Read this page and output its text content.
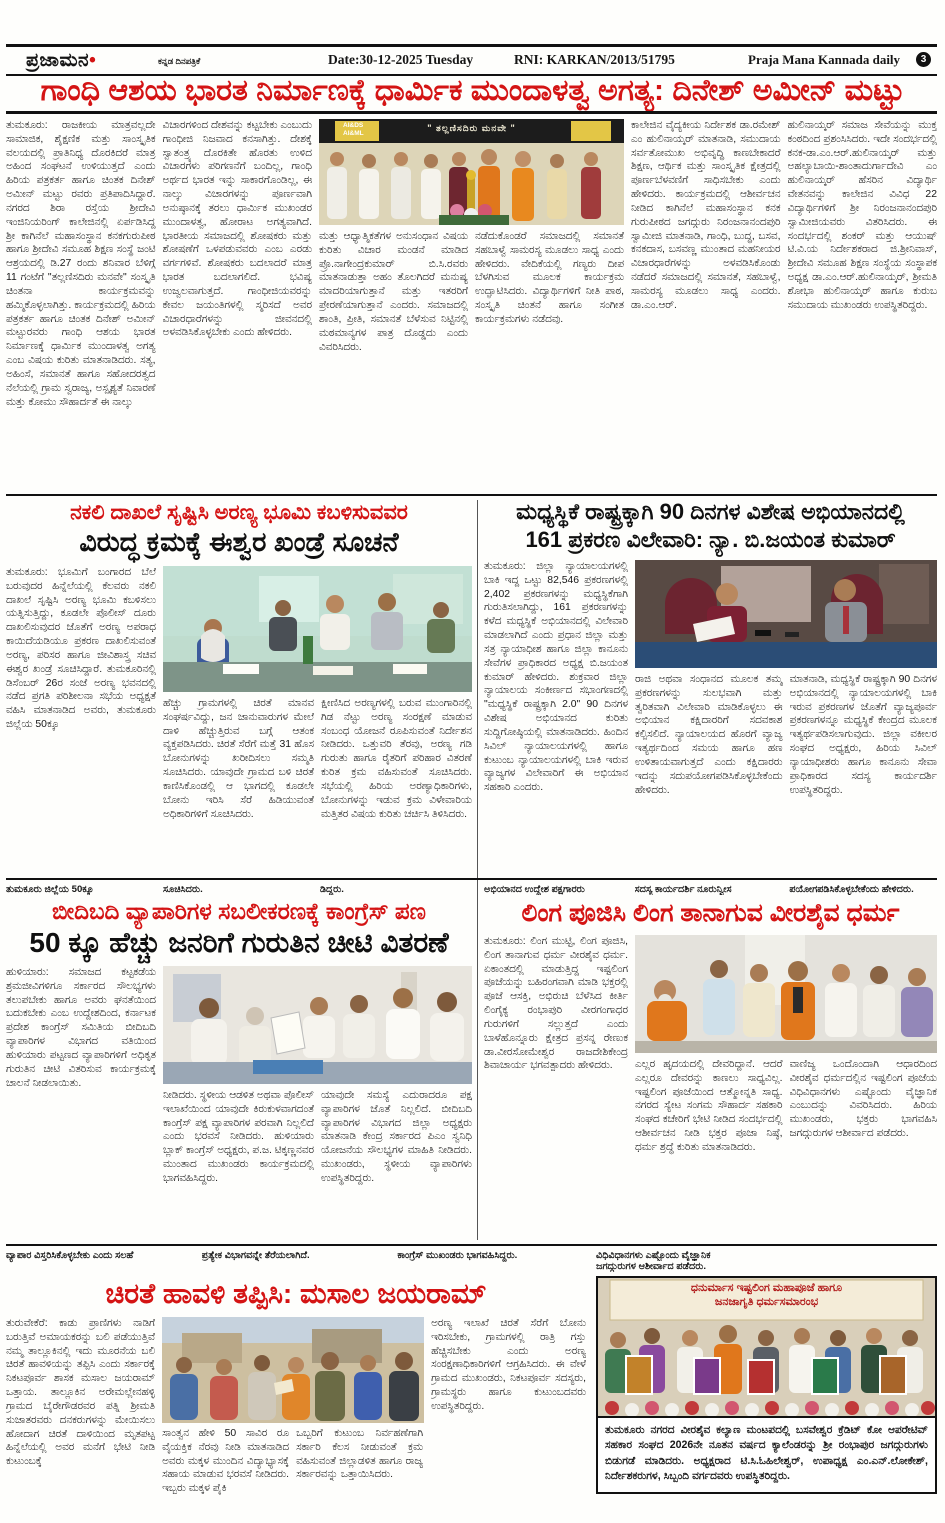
ಪ್ರಜಾಮನ•	ಕನ್ನಡ ದಿನಪತ್ರಿಕೆ	Date:30-12-2025 Tuesday	RNI: KARKAN/2013/51795	Praja Mana Kannada daily	3
ಗಾಂಧಿ ಆಶಯ ಭಾರತ ನಿರ್ಮಾಣಕ್ಕೆ ಧಾರ್ಮಿಕ ಮುಂದಾಳತ್ವ ಅಗತ್ಯ: ದಿನೇಶ್ ಅಮೀನ್ ಮಟ್ಟು
ತುಮಕೂರು: ರಾಜಕೀಯ ಮಾತ್ರವಲ್ಲದೇ ಸಾಮಾಜಿಕ, ಶೈಕ್ಷಣಿಕ ಮತ್ತು ಸಾಂಸ್ಕೃತಿಕ ವಲಯದಲ್ಲಿ ಪ್ರಾತಿನಿಧ್ಯ ದೊರಕಿದರೆ ಮಾತ್ರ ಅಹಿಂದ ಸಂಘಟನೆ ಉಳಿಯುತ್ತದೆ ಎಂದು ಹಿರಿಯ ಪತ್ರಕರ್ತ ಹಾಗೂ ಚಿಂತಕ ದಿನೇಶ್ ಅಮೀನ್ ಮಟ್ಟು ರವರು ಪ್ರತಿಪಾದಿಸಿದ್ದಾರೆ. ನಗರದ ಶಿರಾ ರಸ್ತೆಯ ಶ್ರೀದೇವಿ ಇಂಜಿನಿಯರಿಂಗ್ ಕಾಲೇಜಿನಲ್ಲಿ ಏರ್ಪಡಿಸಿದ್ದ ಶ್ರೀ ಕಾಗಿನೆಲೆ ಮಹಾಸಂಸ್ಥಾನ ಕನಕಗುರುಪೀಠ ಹಾಗೂ ಶ್ರೀದೇವಿ ಸಮೂಹ ಶಿಕ್ಷಣ ಸಂಸ್ಥೆ ಜಂಟಿ ಆಶ್ರಯದಲ್ಲಿ ಡಿ.27 ರಂದು ಶನಿವಾರ ಬೆಳಿಗ್ಗೆ 11 ಗಂಟೆಗೆ "ತಲ್ಲಣಿಸದಿರು ಮನವೇ" ಸಂಸ್ಕೃತಿ ಚಿಂತನಾ ಕಾರ್ಯಕ್ರಮವನ್ನು ಹಮ್ಮಿಕೊಳ್ಳಲಾಗಿತ್ತು. ಕಾರ್ಯಕ್ರಮದಲ್ಲಿ ಹಿರಿಯ ಪತ್ರಕರ್ತ ಹಾಗೂ ಚಿಂತಕ ದಿನೇಶ್ ಅಮೀನ್ ಮಟ್ಟುರವರು ಗಾಂಧಿ ಆಶಯ ಭಾರತ ನಿರ್ಮಾಣಕ್ಕೆ ಧಾರ್ಮಿಕ ಮುಂದಾಳತ್ವ ಅಗತ್ಯ ಎಂಬ ವಿಷಯ ಕುರಿತು ಮಾತನಾಡಿದರು. ಸತ್ಯ, ಅಹಿಂಸೆ, ಸಮಾನತೆ ಹಾಗೂ ಸಹೋದರತ್ವದ ನೆಲೆಯಲ್ಲಿ ಗ್ರಾಮ ಸ್ವರಾಜ್ಯ, ಅಸ್ಪೃಶ್ಯತೆ ನಿವಾರಣೆ ಮತ್ತು ಕೋಮು ಸೌಹಾರ್ದತೆ ಈ ನಾಲ್ಕು
ವಿಚಾರಗಳಿಂದ ದೇಶವನ್ನು ಕಟ್ಟಬೇಕು ಎಂಬುದು ಗಾಂಧೀಜಿ ನಿಜವಾದ ಕನಸಾಗಿತ್ತು. ದೇಶಕ್ಕೆ ಸ್ವಾತಂತ್ರ್ಯ ದೊರಕಿತೇ ಹೊರತು ಉಳಿದ ವಿಚಾರಗಳು ಪರಿಗಣನೆಗೆ ಬಂದಿಲ್ಲ, ಗಾಂಧಿ ಅರ್ಥದ ಭಾರತ ಇನ್ನು ಸಾಕಾರಗೊಂಡಿಲ್ಲ, ಈ ನಾಲ್ಕು ವಿಚಾರಗಳನ್ನು ಪೂರ್ಣವಾಗಿ ಅನುಷ್ಠಾನಕ್ಕೆ ತರಲು ಧಾರ್ಮಿಕ ಮುಖಂಡರ ಮುಂದಾಳತ್ವ, ಹೋರಾಟ ಅಗತ್ಯವಾಗಿದೆ. ಭಾರತೀಯ ಸಮಾಜದಲ್ಲಿ ಶೋಷಕರು ಮತ್ತು ಶೋಷಣೆಗೆ ಒಳಪಡುವವರು ಎಂಬ ಎರಡು ವರ್ಗಗಳಿವೆ. ಶೋಷಕರು ಬದಲಾದರೆ ಮಾತ್ರ ಭಾರತ ಬದಲಾಗಲಿದೆ. ಭವಿಷ್ಯ ಉಜ್ವಲವಾಗುತ್ತದೆ. ಗಾಂಧೀಜಿಯವರನ್ನು ಕೇವಲ ಜಯಂತಿಗಳಲ್ಲಿ ಸ್ಮರಿಸದೆ ಅವರ ವಿಚಾರಧಾರೆಗಳನ್ನು ಜೀವನದಲ್ಲಿ ಅಳವಡಿಸಿಕೊಳ್ಳಬೇಕು ಎಂದು ಹೇಳಿದರು.
AI&DS
AI&ML
" ತಲ್ಲಣಿಸದಿರು ಮನವೇ "
ಮತ್ತು ಆಧ್ಯಾತ್ಮಿಕತೆಗಳ ಅನುಸಂಧಾನ ವಿಷಯ ಕುರಿತು ವಿಚಾರ ಮಂಡನೆ ಮಾಡಿದ ಪ್ರೊ.ನಾಗೇಂದ್ರಕುಮಾರ್ ಬಿ.ಸಿ.ರವರು ಮಾತನಾಡುತ್ತಾ ಅಹಂ ತೊಲಗಿದರೆ ಮನುಷ್ಯ ಮಾದರಿಯಾಗುತ್ತಾನೆ ಮತ್ತು ಇತರರಿಗೆ ಪ್ರೇರಣೆಯಾಗುತ್ತಾನೆ ಎಂದರು. ಸಮಾಜದಲ್ಲಿ ಶಾಂತಿ, ಪ್ರೀತಿ, ಸಮಾನತೆ ಬೆಳೆಸುವ ನಿಟ್ಟಿನಲ್ಲಿ ಮಠಮಾನ್ಯಗಳ ಪಾತ್ರ ದೊಡ್ಡದು ಎಂದು ವಿವರಿಸಿದರು.
ನಡೆದುಕೊಂಡರೆ ಸಮಾಜದಲ್ಲಿ ಸಮಾನತೆ ಸಹಬಾಳ್ವೆ ಸಾಮರಸ್ಯ ಮೂಡಲು ಸಾಧ್ಯ ಎಂದು ಹೇಳಿದರು. ವೇದಿಕೆಯಲ್ಲಿ ಗಣ್ಯರು ದೀಪ ಬೆಳಗಿಸುವ ಮೂಲಕ ಕಾರ್ಯಕ್ರಮ ಉದ್ಘಾಟಿಸಿದರು. ವಿದ್ಯಾರ್ಥಿಗಳಿಗೆ ನೀತಿ ಪಾಠ, ಸಂಸ್ಕೃತಿ ಚಿಂತನೆ ಹಾಗೂ ಸಂಗೀತ ಕಾರ್ಯಕ್ರಮಗಳು ನಡೆದವು.
ಕಾಲೇಜಿನ ವೈದ್ಯಕೀಯ ನಿರ್ದೇಶಕ ಡಾ.ರಮೇಶ್ ಎಂ ಹುಲಿನಾಯ್ಕರ್ ಮಾತನಾಡಿ, ಸಮುದಾಯ ಸರ್ವತೋಮುಖ ಅಭಿವೃದ್ಧಿ ಕಾಣಬೇಕಾದರೆ ಶಿಕ್ಷಣ, ಆರ್ಥಿಕ ಮತ್ತು ಸಾಂಸ್ಕೃತಿಕ ಕ್ಷೇತ್ರದಲ್ಲಿ ಪೂರ್ಣಬೆಳವಣಿಗೆ ಸಾಧಿಸಬೇಕು ಎಂದು ಹೇಳಿದರು. ಕಾರ್ಯಕ್ರಮದಲ್ಲಿ ಆಶೀರ್ವಚನ ನೀಡಿದ ಕಾಗಿನೆಲೆ ಮಹಾಸಂಸ್ಥಾನ ಕನಕ ಗುರುಪೀಠದ ಜಗದ್ಗುರು ನಿರಂಜನಾನಂದಪುರಿ ಸ್ವಾಮೀಜಿ ಮಾತನಾಡಿ, ಗಾಂಧಿ, ಬುದ್ಧ, ಬಸವ, ಕನಕದಾಸ, ಬಸವಣ್ಣ ಮುಂತಾದ ಮಹನೀಯರ ವಿಚಾರಧಾರೆಗಳನ್ನು ಅಳವಡಿಸಿಕೊಂಡು ನಡೆದರೆ ಸಮಾಜದಲ್ಲಿ ಸಮಾನತೆ, ಸಹಬಾಳ್ವೆ, ಸಾಮರಸ್ಯ ಮೂಡಲು ಸಾಧ್ಯ ಎಂದರು. ಡಾ.ಎಂ.ಆರ್.
ಹುಲಿನಾಯ್ಕರ್ ಸಮಾಜ ಸೇವೆಯನ್ನು ಮುಕ್ತ ಕಂಠದಿಂದ ಪ್ರಶಂಸಿಸಿದರು. ಇದೇ ಸಂದರ್ಭದಲ್ಲಿ ಕನಕ-ಡಾ.ಎಂ.ಆರ್.ಹುಲಿನಾಯ್ಕರ್ ಮತ್ತು ಅಹಲ್ಯಾಬಾಯಿ-ಶಾಂತಾದುರ್ಗಾದೇವಿ ಎಂ ಹುಲಿನಾಯ್ಕರ್ ಹೆಸರಿನ ವಿದ್ಯಾರ್ಥಿ ವೇತನವನ್ನು ಕಾಲೇಜಿನ ವಿವಿಧ 22 ವಿದ್ಯಾರ್ಥಿಗಳಿಗೆ ಶ್ರೀ ನಿರಂಜನಾನಂದಪುರಿ ಸ್ವಾಮೀಜಿಯವರು ವಿತರಿಸಿದರು. ಈ ಸಂದರ್ಭದಲ್ಲಿ ಶಂಕರ್ ಮತ್ತು ಆಯುಷ್ ಟಿ.ವಿ.ಯ ನಿರ್ದೇಶಕರಾದ ಜಿ.ಶ್ರೀನಿವಾಸ್, ಶ್ರೀದೇವಿ ಸಮೂಹ ಶಿಕ್ಷಣ ಸಂಸ್ಥೆಯ ಸಂಸ್ಥಾಪಕ ಅಧ್ಯಕ್ಷ ಡಾ.ಎಂ.ಆರ್.ಹುಲಿನಾಯ್ಕರ್, ಶ್ರೀಮತಿ ಶೋಭಾ ಹುಲಿನಾಯ್ಕರ್ ಹಾಗೂ ಕುರುಬ ಸಮುದಾಯ ಮುಖಂಡರು ಉಪಸ್ಥಿತರಿದ್ದರು.
ನಕಲಿ ದಾಖಲೆ ಸೃಷ್ಟಿಸಿ ಅರಣ್ಯ ಭೂಮಿ ಕಬಳಿಸುವವರ
ವಿರುದ್ಧ ಕ್ರಮಕ್ಕೆ ಈಶ್ವರ ಖಂಡ್ರೆ ಸೂಚನೆ
ತುಮಕೂರು: ಭೂಮಿಗೆ ಬಂಗಾರದ ಬೆಲೆ ಬರುವುದರ ಹಿನ್ನೆಲೆಯಲ್ಲಿ ಕೆಲವರು ನಕಲಿ ದಾಖಲೆ ಸೃಷ್ಟಿಸಿ ಅರಣ್ಯ ಭೂಮಿ ಕಬಳಿಸಲು ಯತ್ನಿಸುತ್ತಿದ್ದು, ಕೂಡಲೇ ಪೊಲೀಸ್ ದೂರು ದಾಖಲಿಸುವುದರ ಜೊತೆಗೆ ಅರಣ್ಯ ಅಪರಾಧ ಕಾಯಿದೆಯಡಿಯೂ ಪ್ರಕರಣ ದಾಖಲಿಸುವಂತೆ ಅರಣ್ಯ, ಪರಿಸರ ಹಾಗೂ ಜೀವಿಶಾಸ್ತ್ರ ಸಚಿವ ಈಶ್ವರ ಖಂಡ್ರೆ ಸೂಚಿಸಿದ್ದಾರೆ. ತುಮಕೂರಿನಲ್ಲಿ ಡಿಸೆಂಬರ್ 26ರ ಸಂಜೆ ಅರಣ್ಯ ಭವನದಲ್ಲಿ ನಡೆದ ಪ್ರಗತಿ ಪರಿಶೀಲನಾ ಸಭೆಯ ಅಧ್ಯಕ್ಷತೆ ವಹಿಸಿ ಮಾತನಾಡಿದ ಅವರು, ತುಮಕೂರು ಜಿಲ್ಲೆಯ 50ಕ್ಕೂ
ಹೆಚ್ಚು ಗ್ರಾಮಗಳಲ್ಲಿ ಚಿರತೆ ಮಾನವ ಸಂಘರ್ಷವಿದ್ದು, ಜನ ಜಾನುವಾರುಗಳ ಮೇಲೆ ದಾಳಿ ಹೆಚ್ಚುತ್ತಿರುವ ಬಗ್ಗೆ ಆತಂಕ ವ್ಯಕ್ತಪಡಿಸಿದರು. ಚಿರತೆ ಸೆರೆಗೆ ಮತ್ತೆ 31 ಹೊಸ ಬೋನುಗಳನ್ನು ಖರೀದಿಸಲು ಸಮ್ಮತಿ ಸೂಚಿಸಿದರು. ಯಾವುದೇ ಗ್ರಾಮದ ಬಳಿ ಚಿರತೆ ಕಾಣಿಸಿಕೊಂಡಲ್ಲಿ ಆ ಭಾಗದಲ್ಲಿ ಕೂಡಲೇ ಬೋನು ಇರಿಸಿ ಸೆರೆ ಹಿಡಿಯುವಂತೆ ಅಧಿಕಾರಿಗಳಿಗೆ ಸೂಚಿಸಿದರು.
ಕ್ಷೀಣಿಸಿದ ಅರಣ್ಯಗಳಲ್ಲಿ ಬರುವ ಮುಂಗಾರಿನಲ್ಲಿ ಗಿಡ ನೆಟ್ಟು ಅರಣ್ಯ ಸಂರಕ್ಷಣೆ ಮಾಡುವ ಸಂಬಂಧ ಯೋಜನೆ ರೂಪಿಸುವಂತೆ ನಿರ್ದೇಶನ ನೀಡಿದರು. ಒತ್ತುವರಿ ತೆರವು, ಅರಣ್ಯ ಗಡಿ ಗುರುತು ಹಾಗೂ ರೈತರಿಗೆ ಪರಿಹಾರ ವಿತರಣೆ ಕುರಿತ ಕ್ರಮ ವಹಿಸುವಂತೆ ಸೂಚಿಸಿದರು. ಸಭೆಯಲ್ಲಿ ಹಿರಿಯ ಅರಣ್ಯಾಧಿಕಾರಿಗಳು, ಬೋನುಗಳನ್ನು ಇಡುವ ಕ್ರಮ ವಿಳೇವಾರಿಯ ಮತ್ತಿತರ ವಿಷಯ ಕುರಿತು ಚರ್ಚಿಸಿ ತಿಳಿಸಿದರು.
ಮಧ್ಯಸ್ಥಿಕೆ ರಾಷ್ಟ್ರಕ್ಕಾಗಿ 90 ದಿನಗಳ ವಿಶೇಷ ಅಭಿಯಾನದಲ್ಲಿ
161 ಪ್ರಕರಣ ವಿಲೇವಾರಿ: ನ್ಯಾ. ಬಿ.ಜಯಂತ ಕುಮಾರ್
ತುಮಕೂರು: ಜಿಲ್ಲಾ ನ್ಯಾಯಾಲಯಗಳಲ್ಲಿ ಬಾಕಿ ಇದ್ದ ಒಟ್ಟು 82,546 ಪ್ರಕರಣಗಳಲ್ಲಿ 2,402 ಪ್ರಕರಣಗಳನ್ನು ಮಧ್ಯಸ್ಥಿಕೆಗಾಗಿ ಗುರುತಿಸಲಾಗಿದ್ದು, 161 ಪ್ರಕರಣಗಳನ್ನು ಕಳೆದ ಮಧ್ಯಸ್ಥಿಕೆ ಅಭಿಯಾನದಲ್ಲಿ ವಿಲೇವಾರಿ ಮಾಡಲಾಗಿದೆ ಎಂದು ಪ್ರಧಾನ ಜಿಲ್ಲಾ ಮತ್ತು ಸತ್ರ ನ್ಯಾಯಾಧೀಶ ಹಾಗೂ ಜಿಲ್ಲಾ ಕಾನೂನು ಸೇವೆಗಳ ಪ್ರಾಧಿಕಾರದ ಅಧ್ಯಕ್ಷ ಬಿ.ಜಯಂತ ಕುಮಾರ್ ಹೇಳಿದರು. ಶುಕ್ರವಾರ ಜಿಲ್ಲಾ ನ್ಯಾಯಾಲಯ ಸಂಕೀರ್ಣದ ಸಭಾಂಗಣದಲ್ಲಿ "ಮಧ್ಯಸ್ಥಿಕೆ ರಾಷ್ಟ್ರಕ್ಕಾಗಿ 2.0" 90 ದಿನಗಳ ವಿಶೇಷ ಅಭಿಯಾನದ ಕುರಿತು ಸುದ್ದಿಗೋಷ್ಠಿಯಲ್ಲಿ ಮಾತನಾಡಿದರು. ಹಿಂದಿನ ಸಿವಿಲ್ ನ್ಯಾಯಾಲಯಗಳಲ್ಲಿ ಹಾಗೂ ಕುಟುಂಬ ನ್ಯಾಯಾಲಯಗಳಲ್ಲಿ ಬಾಕಿ ಇರುವ ವ್ಯಾಜ್ಯಗಳ ವಿಲೇವಾರಿಗೆ ಈ ಅಭಿಯಾನ ಸಹಕಾರಿ ಎಂದರು.
ರಾಜಿ ಅಥವಾ ಸಂಧಾನದ ಮೂಲಕ ತಮ್ಮ ಪ್ರಕರಣಗಳನ್ನು ಸುಲಭವಾಗಿ ಮತ್ತು ತ್ವರಿತವಾಗಿ ವಿಲೇವಾರಿ ಮಾಡಿಕೊಳ್ಳಲು ಈ ಅಭಿಯಾನ ಕಕ್ಷಿದಾರರಿಗೆ ಸದವಕಾಶ ಕಲ್ಪಿಸಲಿದೆ. ನ್ಯಾಯಾಲಯದ ಹೊರಗೆ ವ್ಯಾಜ್ಯ ಇತ್ಯರ್ಥದಿಂದ ಸಮಯ ಹಾಗೂ ಹಣ ಉಳಿತಾಯವಾಗುತ್ತದೆ ಎಂದು ಕಕ್ಷಿದಾರರು ಇದನ್ನು ಸದುಪಯೋಗಪಡಿಸಿಕೊಳ್ಳಬೇಕೆಂದು ಹೇಳಿದರು.
ಮಾತನಾಡಿ, ಮಧ್ಯಸ್ಥಿಕೆ ರಾಷ್ಟ್ರಕ್ಕಾಗಿ 90 ದಿನಗಳ ಅಭಿಯಾನದಲ್ಲಿ ನ್ಯಾಯಾಲಯಗಳಲ್ಲಿ ಬಾಕಿ ಇರುವ ಪ್ರಕರಣಗಳ ಜೊತೆಗೆ ವ್ಯಾಜ್ಯಪೂರ್ವ ಪ್ರಕರಣಗಳನ್ನೂ ಮಧ್ಯಸ್ಥಿಕೆ ಕೇಂದ್ರದ ಮೂಲಕ ಇತ್ಯರ್ಥಪಡಿಸಲಾಗುವುದು. ಜಿಲ್ಲಾ ವಕೀಲರ ಸಂಘದ ಅಧ್ಯಕ್ಷರು, ಹಿರಿಯ ಸಿವಿಲ್ ನ್ಯಾಯಾಧೀಶರು ಹಾಗೂ ಕಾನೂನು ಸೇವಾ ಪ್ರಾಧಿಕಾರದ ಸದಸ್ಯ ಕಾರ್ಯದರ್ಶಿ ಉಪಸ್ಥಿತರಿದ್ದರು.
ತುಮಕೂರು ಜಿಲ್ಲೆಯ 50ಕ್ಕೂ	ಸೂಚಿಸಿದರು.	ಡಿದ್ದರು.
ಬೀದಿಬದಿ ವ್ಯಾಪಾರಿಗಳ ಸಬಲೀಕರಣಕ್ಕೆ ಕಾಂಗ್ರೆಸ್ ಪಣ
50 ಕ್ಕೂ ಹೆಚ್ಚು ಜನರಿಗೆ ಗುರುತಿನ ಚೀಟಿ ವಿತರಣೆ
ಹುಳಿಯಾರು: ಸಮಾಜದ ಕಟ್ಟಕಡೆಯ ಶ್ರಮಜೀವಿಗಳಿಗೂ ಸರ್ಕಾರದ ಸೌಲಭ್ಯಗಳು ತಲುಪಬೇಕು ಹಾಗೂ ಅವರು ಘನತೆಯಿಂದ ಬದುಕಬೇಕು ಎಂಬ ಉದ್ದೇಶದಿಂದ, ಕರ್ನಾಟಕ ಪ್ರದೇಶ ಕಾಂಗ್ರೆಸ್ ಸಮಿತಿಯ ಬೀದಿಬದಿ ವ್ಯಾಪಾರಿಗಳ ವಿಭಾಗದ ವತಿಯಿಂದ ಹುಳಿಯಾರು ಪಟ್ಟಣದ ವ್ಯಾಪಾರಿಗಳಿಗೆ ಅಧಿಕೃತ ಗುರುತಿನ ಚೀಟಿ ವಿತರಿಸುವ ಕಾರ್ಯಕ್ರಮಕ್ಕೆ ಚಾಲನೆ ನೀಡಲಾಯಿತು.
ನೀಡಿದರು. ಸ್ಥಳೀಯ ಆಡಳಿತ ಅಥವಾ ಪೊಲೀಸ್ ಇಲಾಖೆಯಿಂದ ಯಾವುದೇ ಕಿರುಕುಳವಾಗದಂತೆ ಕಾಂಗ್ರೆಸ್ ಪಕ್ಷ ವ್ಯಾಪಾರಿಗಳ ಪರವಾಗಿ ನಿಲ್ಲಲಿದೆ ಎಂದು ಭರವಸೆ ನೀಡಿದರು. ಹುಳಿಯಾರು ಬ್ಲಾಕ್ ಕಾಂಗ್ರೆಸ್ ಅಧ್ಯಕ್ಷರು, ಪ.ಜ. ಟಿಕ್ಕಣ್ಣನವರ ಮುಂತಾದ ಮುಖಂಡರು ಕಾರ್ಯಕ್ರಮದಲ್ಲಿ ಭಾಗವಹಿಸಿದ್ದರು.
ಯಾವುದೇ ಸಮಸ್ಯೆ ಎದುರಾದರೂ ಪಕ್ಷ ವ್ಯಾಪಾರಿಗಳ ಜೊತೆ ನಿಲ್ಲಲಿದೆ. ಬೀದಿಬದಿ ವ್ಯಾಪಾರಿಗಳ ವಿಭಾಗದ ಜಿಲ್ಲಾ ಅಧ್ಯಕ್ಷರು ಮಾತನಾಡಿ ಕೇಂದ್ರ ಸರ್ಕಾರದ ಪಿಎಂ ಸ್ವನಿಧಿ ಯೋಜನೆಯ ಸೌಲಭ್ಯಗಳ ಮಾಹಿತಿ ನೀಡಿದರು. ಮುಖಂಡರು, ಸ್ಥಳೀಯ ವ್ಯಾಪಾರಿಗಳು ಉಪಸ್ಥಿತರಿದ್ದರು.
ಅಭಿಯಾನದ ಉದ್ದೇಶ ಪಕ್ಷಗಾರರು	ಸದಸ್ಯ ಕಾರ್ಯದರ್ಶಿ ನೂರುನ್ವೀಸ	ಪಯೋಗಪಡಿಸಿಕೊಳ್ಳಬೇಕೆಂದು ಹೇಳಿದರು.
ಲಿಂಗ ಪೂಜಿಸಿ ಲಿಂಗ ತಾನಾಗುವ ವೀರಶೈವ ಧರ್ಮ
ತುಮಕೂರು: ಲಿಂಗ ಮುಟ್ಟಿ, ಲಿಂಗ ಪೂಜಿಸಿ, ಲಿಂಗ ತಾನಾಗುವ ಧರ್ಮ ವೀರಶೈವ ಧರ್ಮ. ಏಕಾಂತದಲ್ಲಿ ಮಾಡುತ್ತಿದ್ದ ಇಷ್ಟಲಿಂಗ ಪೂಜೆಯನ್ನು ಬಹಿರಂಗವಾಗಿ ಮಾಡಿ ಭಕ್ತರಲ್ಲಿ ಪೂಜೆ ಆಸಕ್ತಿ, ಅಭಿರುಚಿ ಬೆಳೆಸಿದ ಕೀರ್ತಿ ಲಿಂಗೈಕ್ಯ ರಂಭಾಪುರಿ ವೀರಗಂಗಾಧರ ಗುರುಗಳಿಗೆ ಸಲ್ಲುತ್ತದೆ ಎಂದು ಬಾಳೆಹೊನ್ನೂರು ಕ್ಷೇತ್ರದ ಪ್ರಸನ್ನ ರೇಣುಕ ಡಾ.ವೀರಸೋಮೇಶ್ವರ ರಾಜದೇಶಿಕೇಂದ್ರ ಶಿವಾಚಾರ್ಯ ಭಗವತ್ಪಾದರು ಹೇಳಿದರು.	ಎಲ್ಲರ ಹೃದಯದಲ್ಲಿ ದೇವರಿದ್ದಾನೆ. ಆದರೆ ಎಲ್ಲರೂ ದೇವರನ್ನು ಕಾಣಲು ಸಾಧ್ಯವಿಲ್ಲ. ಇಷ್ಟಲಿಂಗ ಪೂಜೆಯಿಂದ ಆತ್ಮೋನ್ನತಿ ಸಾಧ್ಯ. ನಗರದ ಸ್ಯೇಟ ಸಂಗಮ ಸೌಹಾರ್ದ ಸಹಕಾರಿ ಸಂಘದ ಕಚೇರಿಗೆ ಭೇಟಿ ನೀಡಿದ ಸಂದರ್ಭದಲ್ಲಿ ಆಶೀರ್ವಚನ ನೀಡಿ ಭಕ್ತರ ಪೂಜಾ ನಿಷ್ಠೆ, ಧರ್ಮ ಶ್ರದ್ಧೆ ಕುರಿತು ಮಾತನಾಡಿದರು.
ವಾಣಿಜ್ಯ ಒಂದೊಂದಾಗಿ ಆಧಾರದಿಂದ ವೀರಶೈವ ಧರ್ಮದಲ್ಲಿನ ಇಷ್ಟಲಿಂಗ ಪೂಜೆಯ ವಿಧಿವಿಧಾನಗಳು ಎಷ್ಟೊಂದು ವೈಜ್ಞಾನಿಕ ಎಂಬುದನ್ನು ವಿವರಿಸಿದರು. ಹಿರಿಯ ಮುಖಂಡರು, ಭಕ್ತರು ಭಾಗವಹಿಸಿ ಜಗದ್ಗುರುಗಳ ಆಶೀರ್ವಾದ ಪಡೆದರು.
ವ್ಯಾಪಾರ ವಿಸ್ತರಿಸಿಕೊಳ್ಳಬೇಕು ಎಂದು ಸಲಹೆ	ಪ್ರತ್ಯೇಕ ವಿಭಾಗವನ್ನೇ ತೆರೆಯಲಾಗಿದೆ.	ಕಾಂಗ್ರೆಸ್ ಮುಖಂಡರು ಭಾಗವಹಿಸಿದ್ದರು.
ಚಿರತೆ ಹಾವಳಿ ತಪ್ಪಿಸಿ: ಮಸಾಲ ಜಯರಾಮ್
ತುರುವೇಕೆರೆ: ಕಾಡು ಪ್ರಾಣಿಗಳು ನಾಡಿಗೆ ಬರುತ್ತಿವೆ ಅಮಾಯಕರನ್ನು ಬಲಿ ಪಡೆಯುತ್ತಿವೆ ನಮ್ಮ ತಾಲ್ಲೂಕಿನಲ್ಲಿ ಇದು ಮೂರನೆಯ ಬಲಿ ಚಿರತೆ ಹಾವಳಿಯನ್ನು ತಪ್ಪಿಸಿ ಎಂದು ಸರ್ಕಾರಕ್ಕೆ ನಿಕಟಪೂರ್ವ ಶಾಸಕ ಮಸಾಲ ಜಯರಾಮ್ ಒತ್ತಾಯ. ತಾಲ್ಲೂಕಿನ ಅರೇಮಲ್ಲೇನಹಳ್ಳಿ ಗ್ರಾಮದ ಬೈರೇಗೌಡರವರ ಪತ್ನಿ ಶ್ರೀಮತಿ ಸುಜಾತರವರು ದನಕರುಗಳನ್ನು ಮೇಯಿಸಲು ಹೋದಾಗ ಚಿರತೆ ದಾಳಿಯಿಂದ ಮೃತಪಟ್ಟ ಹಿನ್ನೆಲೆಯಲ್ಲಿ ಅವರ ಮನೆಗೆ ಭೇಟಿ ನೀಡಿ ಕುಟುಂಬಕ್ಕೆ
ಸಾಂತ್ವನ ಹೇಳಿ 50 ಸಾವಿರ ರೂ ವೈಯಕ್ತಿಕ ನೆರವು ನೀಡಿ ಮಾತನಾಡಿದ ಅವರು ಮಕ್ಕಳ ಮುಂದಿನ ವಿದ್ಯಾಭ್ಯಾಸಕ್ಕೆ ಸಹಾಯ ಮಾಡುವ ಭರವಸೆ ನೀಡಿದರು. ಇಬ್ಬರು ಮಕ್ಕಳ ಪೈಕಿ
ಒಬ್ಬರಿಗೆ ಕುಟುಂಬ ನಿರ್ವಹಣೆಗಾಗಿ ಸರ್ಕಾರಿ ಕೆಲಸ ನೀಡುವಂತೆ ಕ್ರಮ ವಹಿಸುವಂತೆ ಜಿಲ್ಲಾಡಳಿತ ಹಾಗೂ ರಾಜ್ಯ ಸರ್ಕಾರವನ್ನು ಒತ್ತಾಯಿಸಿದರು.
ಅರಣ್ಯ ಇಲಾಖೆ ಚಿರತೆ ಸೆರೆಗೆ ಬೋನು ಇರಿಸಬೇಕು, ಗ್ರಾಮಗಳಲ್ಲಿ ರಾತ್ರಿ ಗಸ್ತು ಹೆಚ್ಚಿಸಬೇಕು ಎಂದು ಅರಣ್ಯ ಸಂರಕ್ಷಣಾಧಿಕಾರಿಗಳಿಗೆ ಆಗ್ರಹಿಸಿದರು. ಈ ವೇಳೆ ಗ್ರಾಮದ ಮುಖಂಡರು, ನಿಕಟಪೂರ್ವ ಸದಸ್ಯರು, ಗ್ರಾಮಸ್ಥರು ಹಾಗೂ ಕುಟುಂಬದವರು ಉಪಸ್ಥಿತರಿದ್ದರು.
ವಿಧಿವಿಧಾನಗಳು ಎಷ್ಟೊಂದು ವೈಜ್ಞಾನಿಕ
ಜಗದ್ಗುರುಗಳ ಆಶೀರ್ವಾದ ಪಡೆದರು.
ಧನುರ್ಮಾಸ ಇಷ್ಟಲಿಂಗ ಮಹಾಪೂಜೆ ಹಾಗೂ
ಜನಜಾಗೃತಿ ಧರ್ಮಸಮಾರಂಭ
ತುಮಕೂರು ನಗರದ ವೀರಶೈವ ಕಲ್ಯಾಣ ಮಂಟಪದಲ್ಲಿ ಬಸವೇಶ್ವರ ಕ್ರೆಡಿಟ್ ಕೋ ಆಪರೇಟಿವ್ ಸಹಕಾರ ಸಂಘದ 2026ನೇ ನೂತನ ವರ್ಷದ ಕ್ಯಾಲೆಂಡರನ್ನು ಶ್ರೀ ರಂಭಾಪುರ ಜಗದ್ಗುರುಗಳು ಬಿಡುಗಡೆ ಮಾಡಿದರು. ಅಧ್ಯಕ್ಷರಾದ ಟಿ.ಸಿ.ಓಹಿಲೇಶ್ವರ್, ಉಪಾಧ್ಯಕ್ಷ ಎಂ.ಎನ್.ಲೋಕೇಶ್, ನಿರ್ದೇಶಕರುಗಳ, ಸಿಬ್ಬಂದಿ ವರ್ಗದವರು ಉಪಸ್ಥಿತರಿದ್ದರು.
